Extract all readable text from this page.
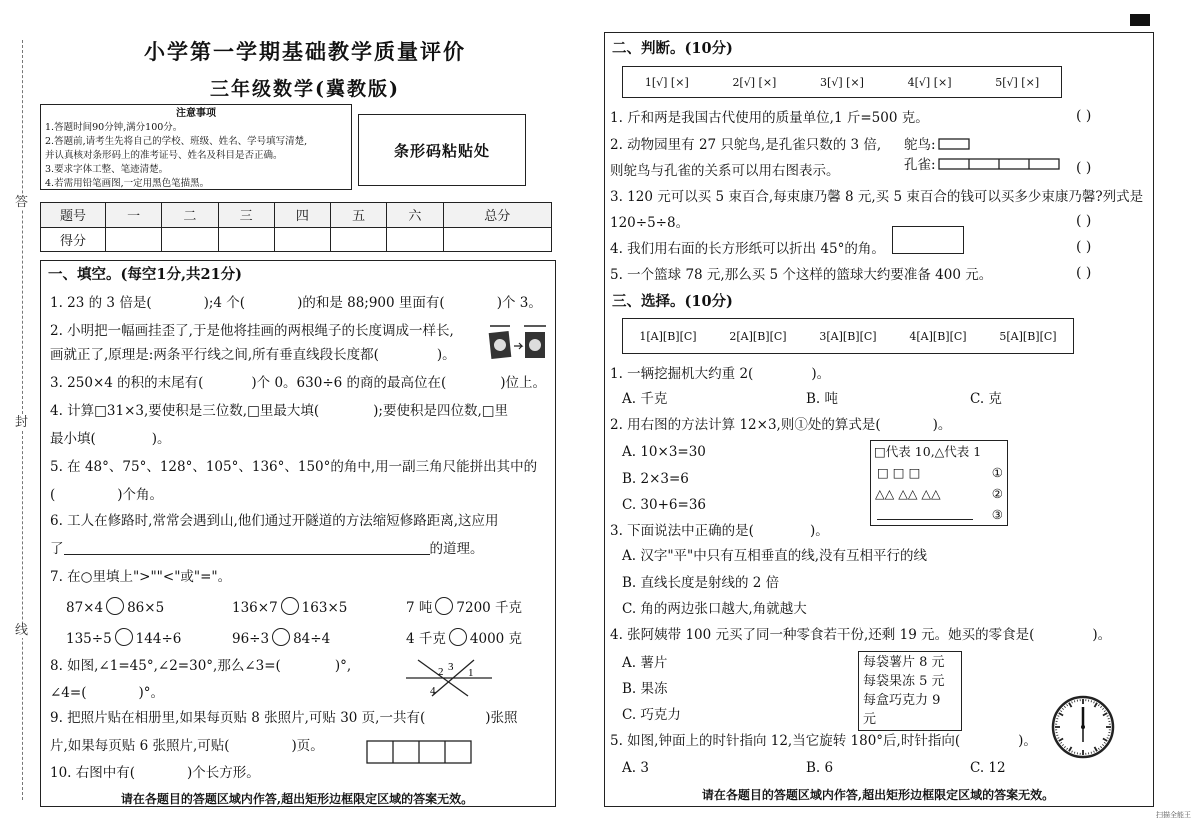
答
封
线
小学第一学期基础教学质量评价
三年级数学(冀教版)
注意事项
1.答题时间90分钟,满分100分。
2.答题前,请考生先将自己的学校、班级、姓名、学号填写清楚,
并认真核对条形码上的准考证号、姓名及科目是否正确。
3.要求字体工整、笔迹清楚。
4.若需用铅笔画图,一定用黑色笔描黑。
条形码粘贴处
题号	一	二	三	四	五	六	总分
得分							
一、填空。(每空1分,共21分)
1. 23 的 3 倍是(	);4 个(	)的和是 88;900 里面有(	)个 3。
2. 小明把一幅画挂歪了,于是他将挂画的两根绳子的长度调成一样长,
画就正了,原理是:两条平行线之间,所有垂直线段长度都(	)。
3. 250×4 的积的末尾有(	)个 0。630÷6 的商的最高位在(	)位上。
4. 计算□31×3,要使积是三位数,□里最大填(	);要使积是四位数,□里
最小填(	)。
5. 在 48°、75°、128°、105°、136°、150°的角中,用一副三角尺能拼出其中的
(	)个角。
6. 工人在修路时,常常会遇到山,他们通过开隧道的方法缩短修路距离,这应用
了	的道理。
7. 在○里填上">""<"或"="。
87×4 86×5	136×7 163×5	7 吨 7200 千克
135÷5 144÷6	96÷3 84÷4	4 千克 4000 克
8. 如图,∠1=45°,∠2=30°,那么∠3=(	)°,
∠4=(	)°。
2 3 1
4
9. 把照片贴在相册里,如果每页贴 8 张照片,可贴 30 页,一共有(	)张照
片,如果每页贴 6 张照片,可贴(	)页。
10. 右图中有(	)个长方形。
请在各题目的答题区域内作答,超出矩形边框限定区域的答案无效。
二、判断。(10分)
1[√] [×]	2[√] [×]	3[√] [×]	4[√] [×]	5[√] [×]
1. 斤和两是我国古代使用的质量单位,1 斤=500 克。	( )
2. 动物园里有 27 只鸵鸟,是孔雀只数的 3 倍,
则鸵鸟与孔雀的关系可以用右图表示。
鸵鸟:
孔雀:	( )
3. 120 元可以买 5 束百合,每束康乃馨 8 元,买 5 束百合的钱可以买多少束康乃馨?列式是
120÷5÷8。	( )
4. 我们用右面的长方形纸可以折出 45°的角。	( )
5. 一个篮球 78 元,那么买 5 个这样的篮球大约要准备 400 元。	( )
三、选择。(10分)
1[A][B][C]	2[A][B][C]	3[A][B][C]	4[A][B][C]	5[A][B][C]
1. 一辆挖掘机大约重 2(	)。
A. 千克	B. 吨	C. 克
2. 用右图的方法计算 12×3,则①处的算式是(	)。
A. 10×3=30
B. 2×3=6
C. 30+6=36
□代表 10,△代表 1
□ □ □
△△ △△ △△
①
②
③
3. 下面说法中正确的是(	)。
A. 汉字"平"中只有互相垂直的线,没有互相平行的线
B. 直线长度是射线的 2 倍
C. 角的两边张口越大,角就越大
4. 张阿姨带 100 元买了同一种零食若干份,还剩 19 元。她买的零食是(	)。
A. 薯片
B. 果冻
C. 巧克力
每袋薯片 8 元
每袋果冻 5 元
每盒巧克力 9 元
5. 如图,钟面上的时针指向 12,当它旋转 180°后,时针指向(	)。
A. 3	B. 6	C. 12
请在各题目的答题区域内作答,超出矩形边框限定区域的答案无效。
扫描全能王
